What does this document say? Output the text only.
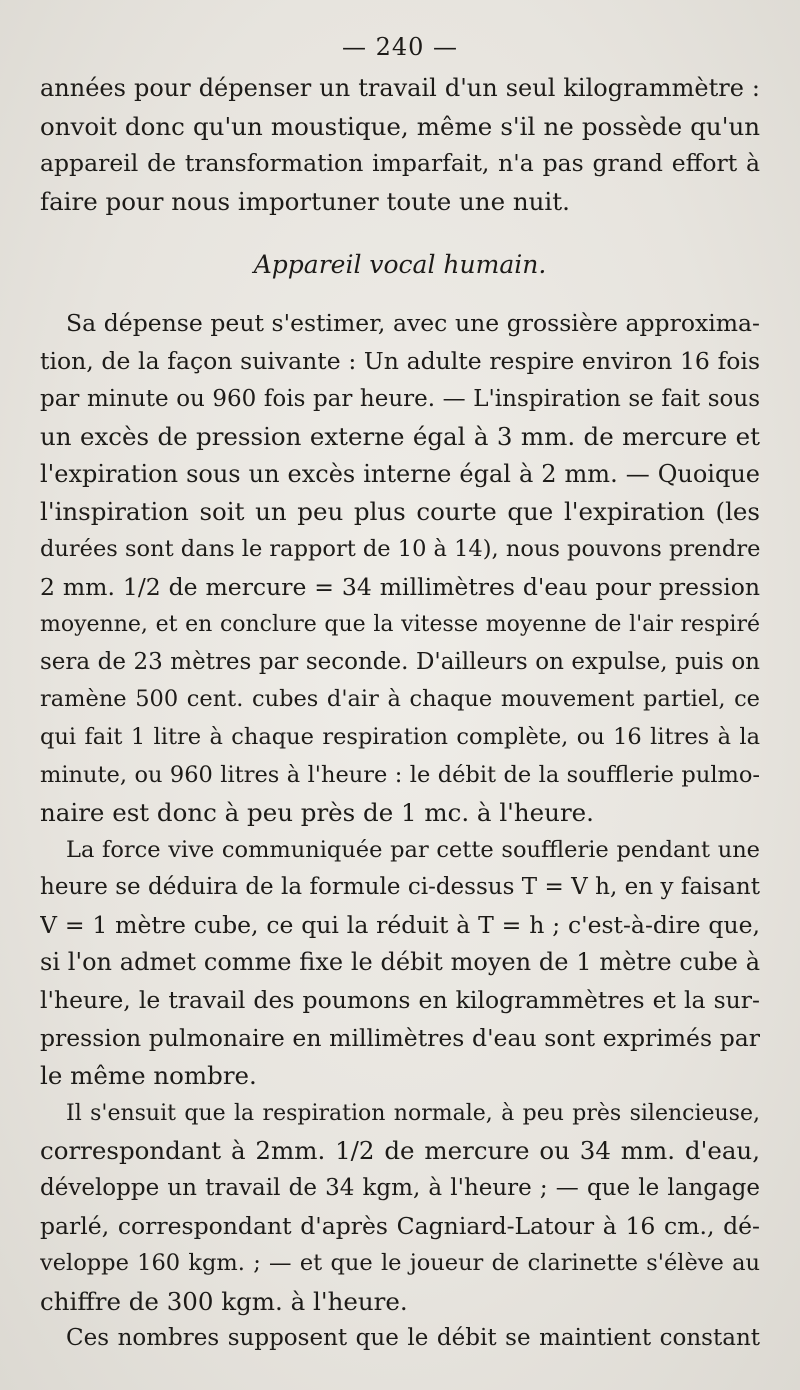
— 240 —
années pour dépenser un travail d'un seul kilogrammètre :
onvoit donc qu'un moustique, même s'il ne possède qu'un
appareil de transformation imparfait, n'a pas grand effort à
faire pour nous importuner toute une nuit.
Appareil vocal humain.
Sa dépense peut s'estimer, avec une grossière approxima-
tion, de la façon suivante : Un adulte respire environ 16 fois
par minute ou 960 fois par heure. — L'inspiration se fait sous
un excès de pression externe égal à 3 mm. de mercure et
l'expiration sous un excès interne égal à 2 mm. — Quoique
l'inspiration soit un peu plus courte que l'expiration (les
durées sont dans le rapport de 10 à 14), nous pouvons prendre
2 mm. 1/2 de mercure = 34 millimètres d'eau pour pression
moyenne, et en conclure que la vitesse moyenne de l'air respiré
sera de 23 mètres par seconde. D'ailleurs on expulse, puis on
ramène 500 cent. cubes d'air à chaque mouvement partiel, ce
qui fait 1 litre à chaque respiration complète, ou 16 litres à la
minute, ou 960 litres à l'heure : le débit de la soufflerie pulmo-
naire est donc à peu près de 1 mc. à l'heure.
La force vive communiquée par cette soufflerie pendant une
heure se déduira de la formule ci-dessus T = V h, en y faisant
V = 1 mètre cube, ce qui la réduit à T = h ; c'est-à-dire que,
si l'on admet comme fixe le débit moyen de 1 mètre cube à
l'heure, le travail des poumons en kilogrammètres et la sur-
pression pulmonaire en millimètres d'eau sont exprimés par
le même nombre.
Il s'ensuit que la respiration normale, à peu près silencieuse,
correspondant à 2mm. 1/2 de mercure ou 34 mm. d'eau,
développe un travail de 34 kgm, à l'heure ; — que le langage
parlé, correspondant d'après Cagniard-Latour à 16 cm., dé-
veloppe 160 kgm. ; — et que le joueur de clarinette s'élève au
chiffre de 300 kgm. à l'heure.
Ces nombres supposent que le débit se maintient constant
